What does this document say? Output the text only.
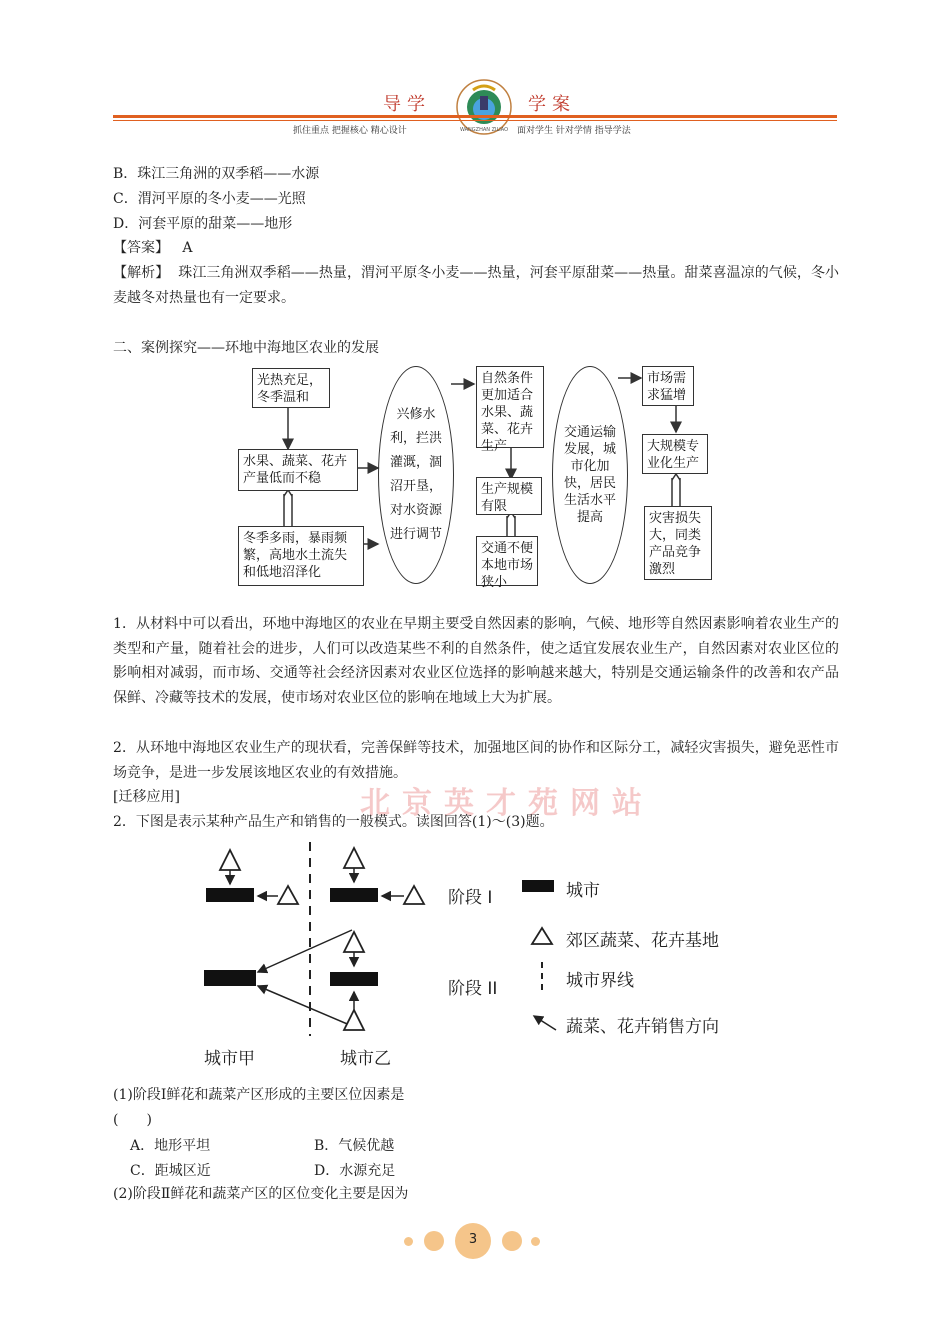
导学	学案
WANGZHAN ZILIAO
抓住重点 把握核心 精心设计	面对学生 针对学情 指导学法
B．珠江三角洲的双季稻——水源
C．渭河平原的冬小麦——光照
D．河套平原的甜菜——地形
【答案】 A
【解析】 珠江三角洲双季稻——热量，渭河平原冬小麦——热量，河套平原甜菜——热量。甜菜喜温凉的气候，冬小麦越冬对热量也有一定要求。
二、案例探究——环地中海地区农业的发展
光热充足，冬季温和
水果、蔬菜、花卉产量低而不稳
冬季多雨，暴雨频繁，高地水土流失和低地沼泽化
兴修水利，拦洪灌溉，涸沼开垦，对水资源进行调节
自然条件更加适合水果、蔬菜、花卉生产
生产规模有限
交通不便本地市场狭小
交通运输发展，城市化加快，居民生活水平提高
市场需求猛增
大规模专业化生产
灾害损失大，同类产品竞争激烈
1．从材料中可以看出，环地中海地区的农业在早期主要受自然因素的影响，气候、地形等自然因素影响着农业生产的类型和产量，随着社会的进步，人们可以改造某些不利的自然条件，使之适宜发展农业生产，自然因素对农业区位的影响相对减弱，而市场、交通等社会经济因素对农业区位选择的影响越来越大，特别是交通运输条件的改善和农产品保鲜、冷藏等技术的发展，使市场对农业区位的影响在地域上大为扩展。
2．从环地中海地区农业生产的现状看，完善保鲜等技术，加强地区间的协作和区际分工，减轻灾害损失，避免恶性市场竞争，是进一步发展该地区农业的有效措施。
[迁移应用]	北京英才苑网站
2．下图是表示某种产品生产和销售的一般模式。读图回答(1)～(3)题。
阶段 I
阶段 II
城市甲	城市乙
城市
郊区蔬菜、花卉基地
城市界线
蔬菜、花卉销售方向
(1)阶段Ⅰ鲜花和蔬菜产区形成的主要区位因素是
(　　)
A．地形平坦	B．气候优越
C．距城区近	D．水源充足
(2)阶段Ⅱ鲜花和蔬菜产区的区位变化主要是因为
3
